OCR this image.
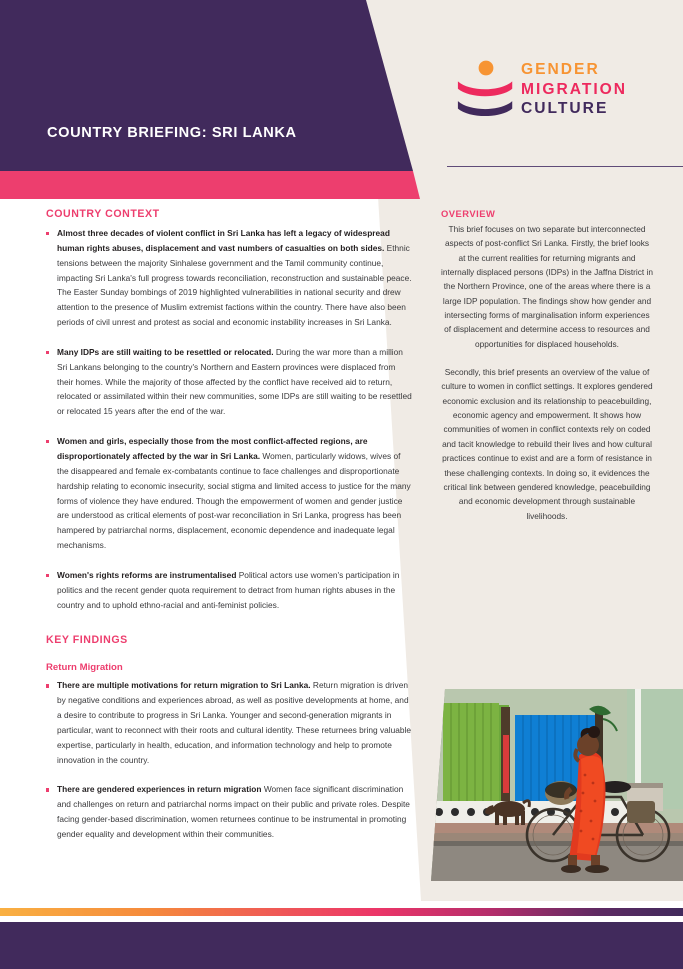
COUNTRY BRIEFING: SRI LANKA
GENDER
MIGRATION
CULTURE
COUNTRY CONTEXT
Almost three decades of violent conflict in Sri Lanka has left a legacy of widespread human rights abuses, displacement and vast numbers of casualties on both sides. Ethnic tensions between the majority Sinhalese government and the Tamil community continue, impacting Sri Lanka's full progress towards reconciliation, reconstruction and sustainable peace. The Easter Sunday bombings of 2019 highlighted vulnerabilities in national security and drew attention to the presence of Muslim extremist factions within the country. There have also been periods of civil unrest and protest as social and economic instability increases in Sri Lanka.
Many IDPs are still waiting to be resettled or relocated. During the war more than a million Sri Lankans belonging to the country's Northern and Eastern provinces were displaced from their homes. While the majority of those affected by the conflict have received aid to return, relocated or assimilated within their new communities, some IDPs are still waiting to be resettled or relocated 15 years after the end of the war.
Women and girls, especially those from the most conflict-affected regions, are disproportionately affected by the war in Sri Lanka. Women, particularly widows, wives of the disappeared and female ex-combatants continue to face challenges and disproportionate hardship relating to economic insecurity, social stigma and limited access to justice for the many forms of violence they have endured. Though the empowerment of women and gender justice are understood as critical elements of post-war reconciliation in Sri Lanka, progress has been hampered by patriarchal norms, displacement, economic dependence and inadequate legal mechanisms.
Women's rights reforms are instrumentalised Political actors use women's participation in politics and the recent gender quota requirement to detract from human rights abuses in the country and to uphold ethno-racial and anti-feminist policies.
KEY FINDINGS
Return Migration
There are multiple motivations for return migration to Sri Lanka. Return migration is driven by negative conditions and experiences abroad, as well as positive developments at home, and a desire to contribute to progress in Sri Lanka. Younger and second-generation migrants in particular, want to reconnect with their roots and cultural identity. These returnees bring valuable expertise, particularly in health, education, and information technology and help to promote innovation in the country.
There are gendered experiences in return migration Women face significant discrimination and challenges on return and patriarchal norms impact on their public and private roles. Despite facing gender-based discrimination, women returnees continue to be instrumental in promoting gender equality and development within their communities.
OVERVIEW
This brief focuses on two separate but interconnected aspects of post-conflict Sri Lanka. Firstly, the brief looks at the current realities for returning migrants and internally displaced persons (IDPs) in the Jaffna District in the Northern Province, one of the areas where there is a large IDP population. The findings show how gender and intersecting forms of marginalisation inform experiences of displacement and determine access to resources and opportunities for displaced households.
Secondly, this brief presents an overview of the value of culture to women in conflict settings. It explores gendered economic exclusion and its relationship to peacebuilding, economic agency and empowerment. It shows how communities of women in conflict contexts rely on coded and tacit knowledge to rebuild their lives and how cultural practices continue to exist and are a form of resistance in these challenging contexts. In doing so, it evidences the critical link between gendered knowledge, peacebuilding and economic development through sustainable livelihoods.
